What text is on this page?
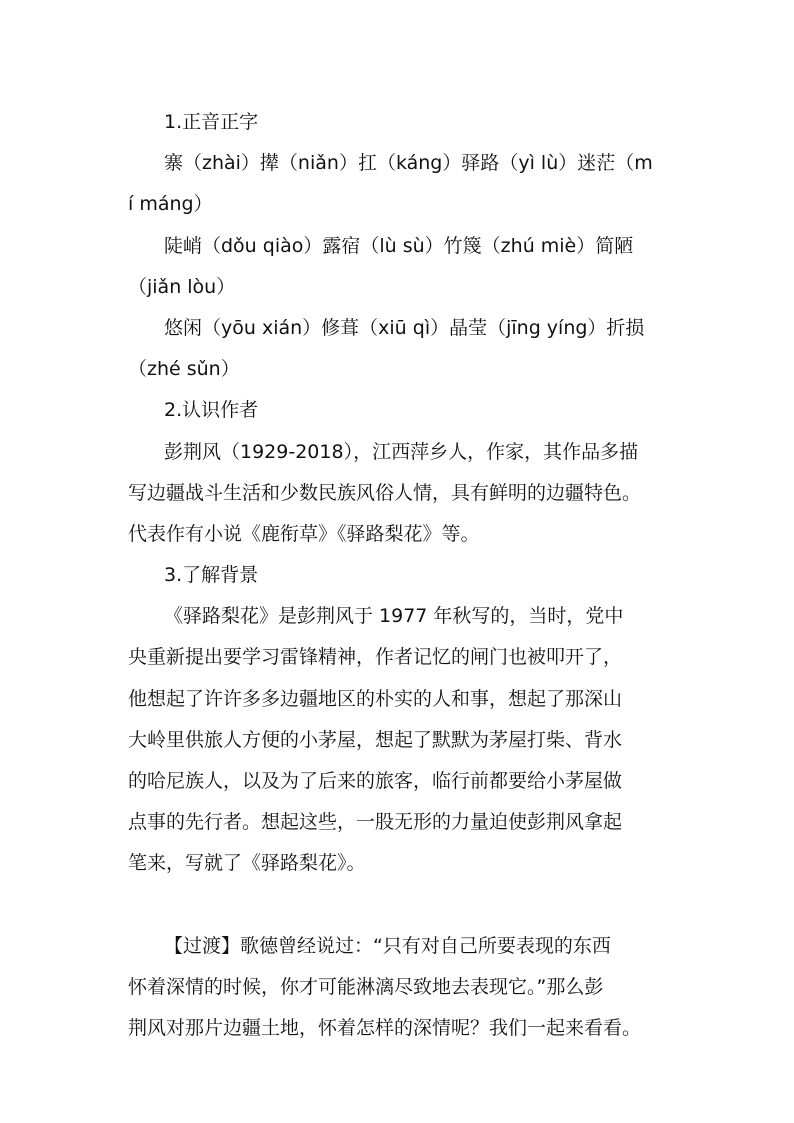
1.正音正字
寨（zhài）撵（niǎn）扛（káng）驿路（yì lù）迷茫（m
í máng）
陡峭（dǒu qiào）露宿（lù sù）竹篾（zhú miè）简陋
（jiǎn lòu）
悠闲（yōu xián）修葺（xiū qì）晶莹（jīng yíng）折损
（zhé sǔn）
2.认识作者
彭荆风（1929-2018），江西萍乡人，作家，其作品多描
写边疆战斗生活和少数民族风俗人情，具有鲜明的边疆特色。
代表作有小说《鹿衔草》《驿路梨花》等。
3.了解背景
《驿路梨花》是彭荆风于 1977 年秋写的，当时，党中
央重新提出要学习雷锋精神，作者记忆的闸门也被叩开了，
他想起了许许多多边疆地区的朴实的人和事，想起了那深山
大岭里供旅人方便的小茅屋，想起了默默为茅屋打柴、背水
的哈尼族人，以及为了后来的旅客，临行前都要给小茅屋做
点事的先行者。想起这些，一股无形的力量迫使彭荆风拿起
笔来，写就了《驿路梨花》。
【过渡】歌德曾经说过：“只有对自己所要表现的东西
怀着深情的时候，你才可能淋漓尽致地去表现它。”那么彭
荆风对那片边疆土地，怀着怎样的深情呢？我们一起来看看。
